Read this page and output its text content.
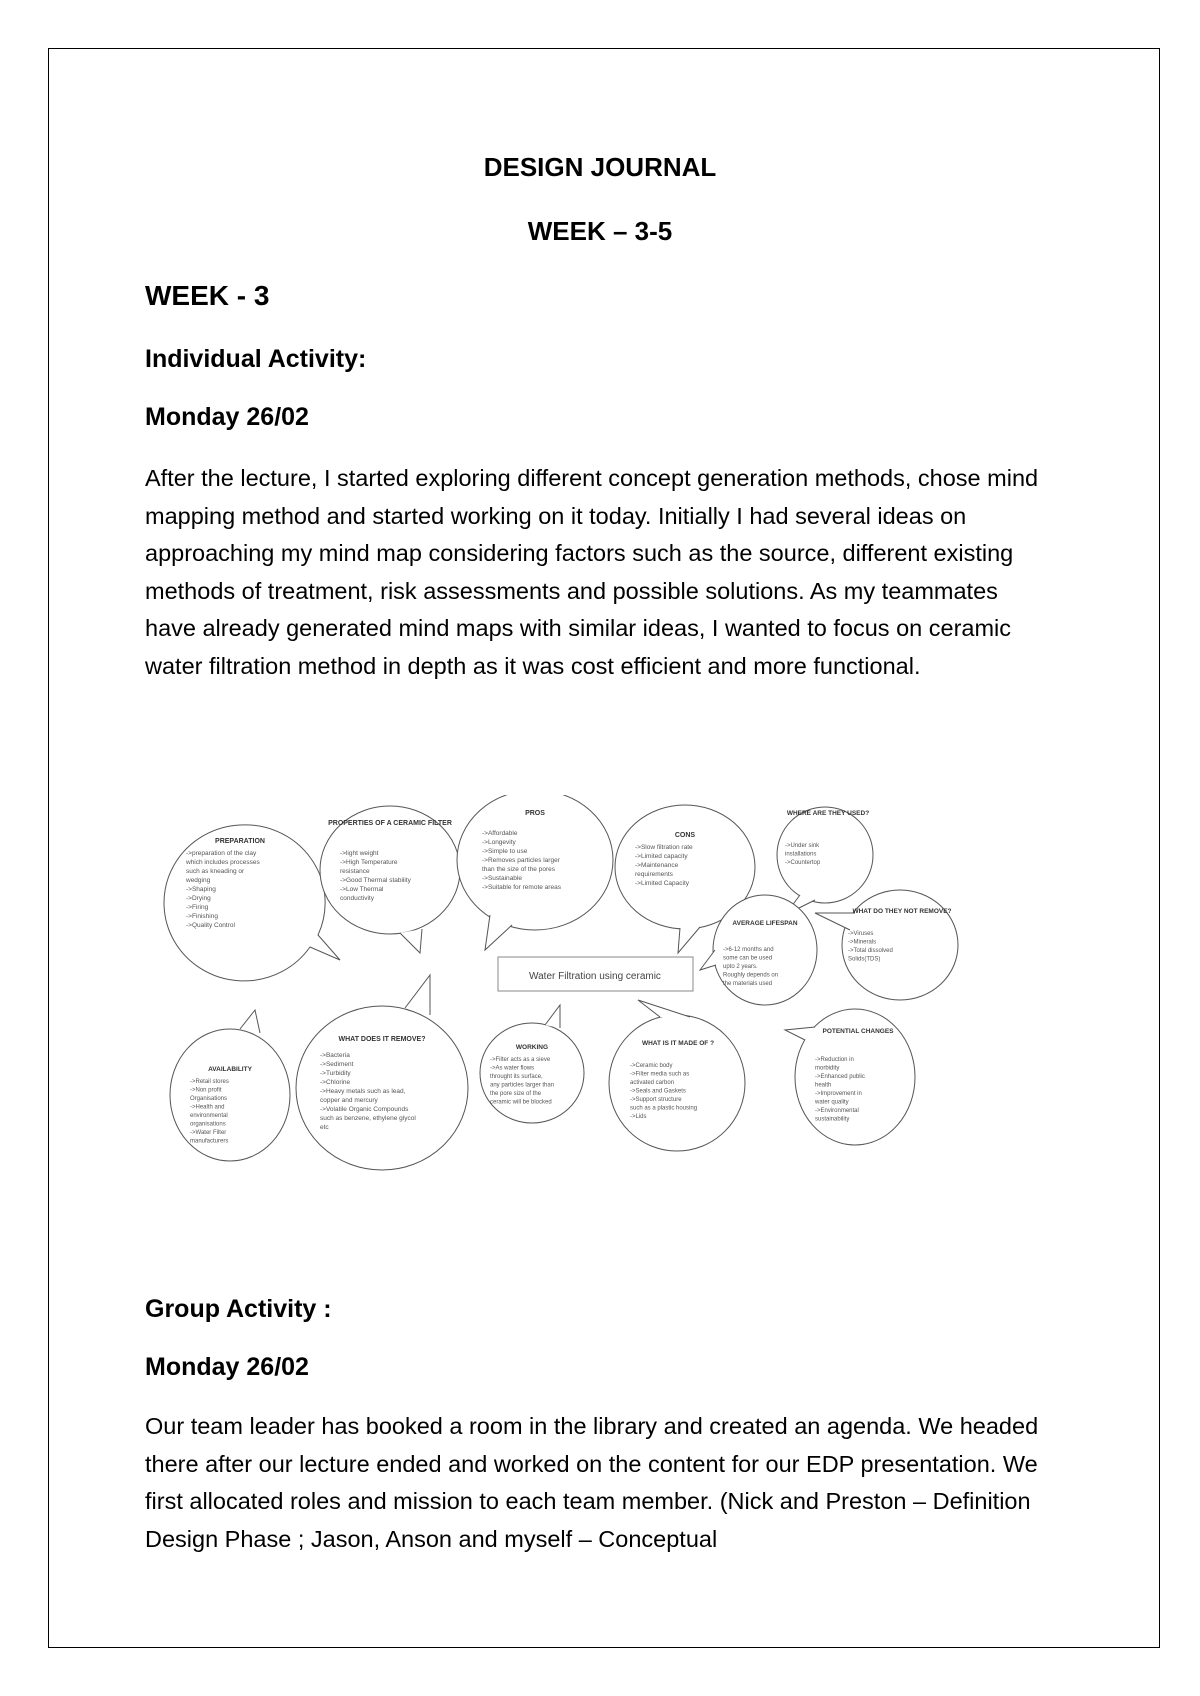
DESIGN JOURNAL

WEEK – 3-5

WEEK - 3

Individual Activity:

Monday 26/02

After the lecture, I started exploring different concept generation methods, chose mind mapping method and started working on it today. Initially I had several ideas on approaching my mind map considering factors such as the source, different existing methods of treatment, risk assessments and possible solutions. As my teammates have already generated mind maps with similar ideas, I wanted to focus on ceramic water filtration method in depth as it was cost efficient and more functional.

Group Activity :

Monday 26/02

Our team leader has booked a room in the library and created an agenda. We headed there after our lecture ended and worked on the content for our EDP presentation. We first allocated roles and mission to each team member. (Nick and Preston – Definition Design Phase ; Jason, Anson and myself – Conceptual

Water Filtration using ceramic
PREPARATION
->preparation of the clay
which includes processes
such as kneading or
wedging
->Shaping
->Drying
->Firing
->Finishing
->Quality Control
PROPERTIES OF A CERAMIC FILTER
->light weight
->High Temperature
resistance
->Good Thermal stability
->Low Thermal
conductivity
PROS
->Affordable
->Longevity
->Simple to use
->Removes particles larger
than the size of the pores
->Sustainable
->Suitable for remote areas
CONS
->Slow filtration rate
->Limited capacity
->Maintenance
requirements
->Limited Capacity
WHERE ARE THEY USED?
->Under sink
installations
->Countertop
WHAT DO THEY NOT REMOVE?
->Viruses
->Minerals
->Total dissolved
Solids(TDS)
AVERAGE LIFESPAN
->6-12 months and
some can be used
upto 2 years.
Roughly depends on
the materials used
POTENTIAL CHANGES
->Reduction in
morbidity
->Enhanced public
health
->Improvement in
water quality
->Environmental
sustainability
WHAT IS IT MADE OF ?
->Ceramic body
->Filter media such as
activated carbon
->Seals and Gaskets
->Support structure
such as a plastic housing
->Lids
WORKING
->Filter acts as a sieve
->As water flows
throught its surface,
any particles larger than
the pore size of the
ceramic will be blocked
WHAT DOES IT REMOVE?
->Bacteria
->Sediment
->Turbidity
->Chlorine
->Heavy metals such as lead,
copper and mercury
->Volatile Organic Compounds
such as benzene, ethylene glycol
etc
AVAILABILITY
->Retail stores
->Non profit
Organisations
->Health and
environmental
organisations
->Water Filter
manufacturers
